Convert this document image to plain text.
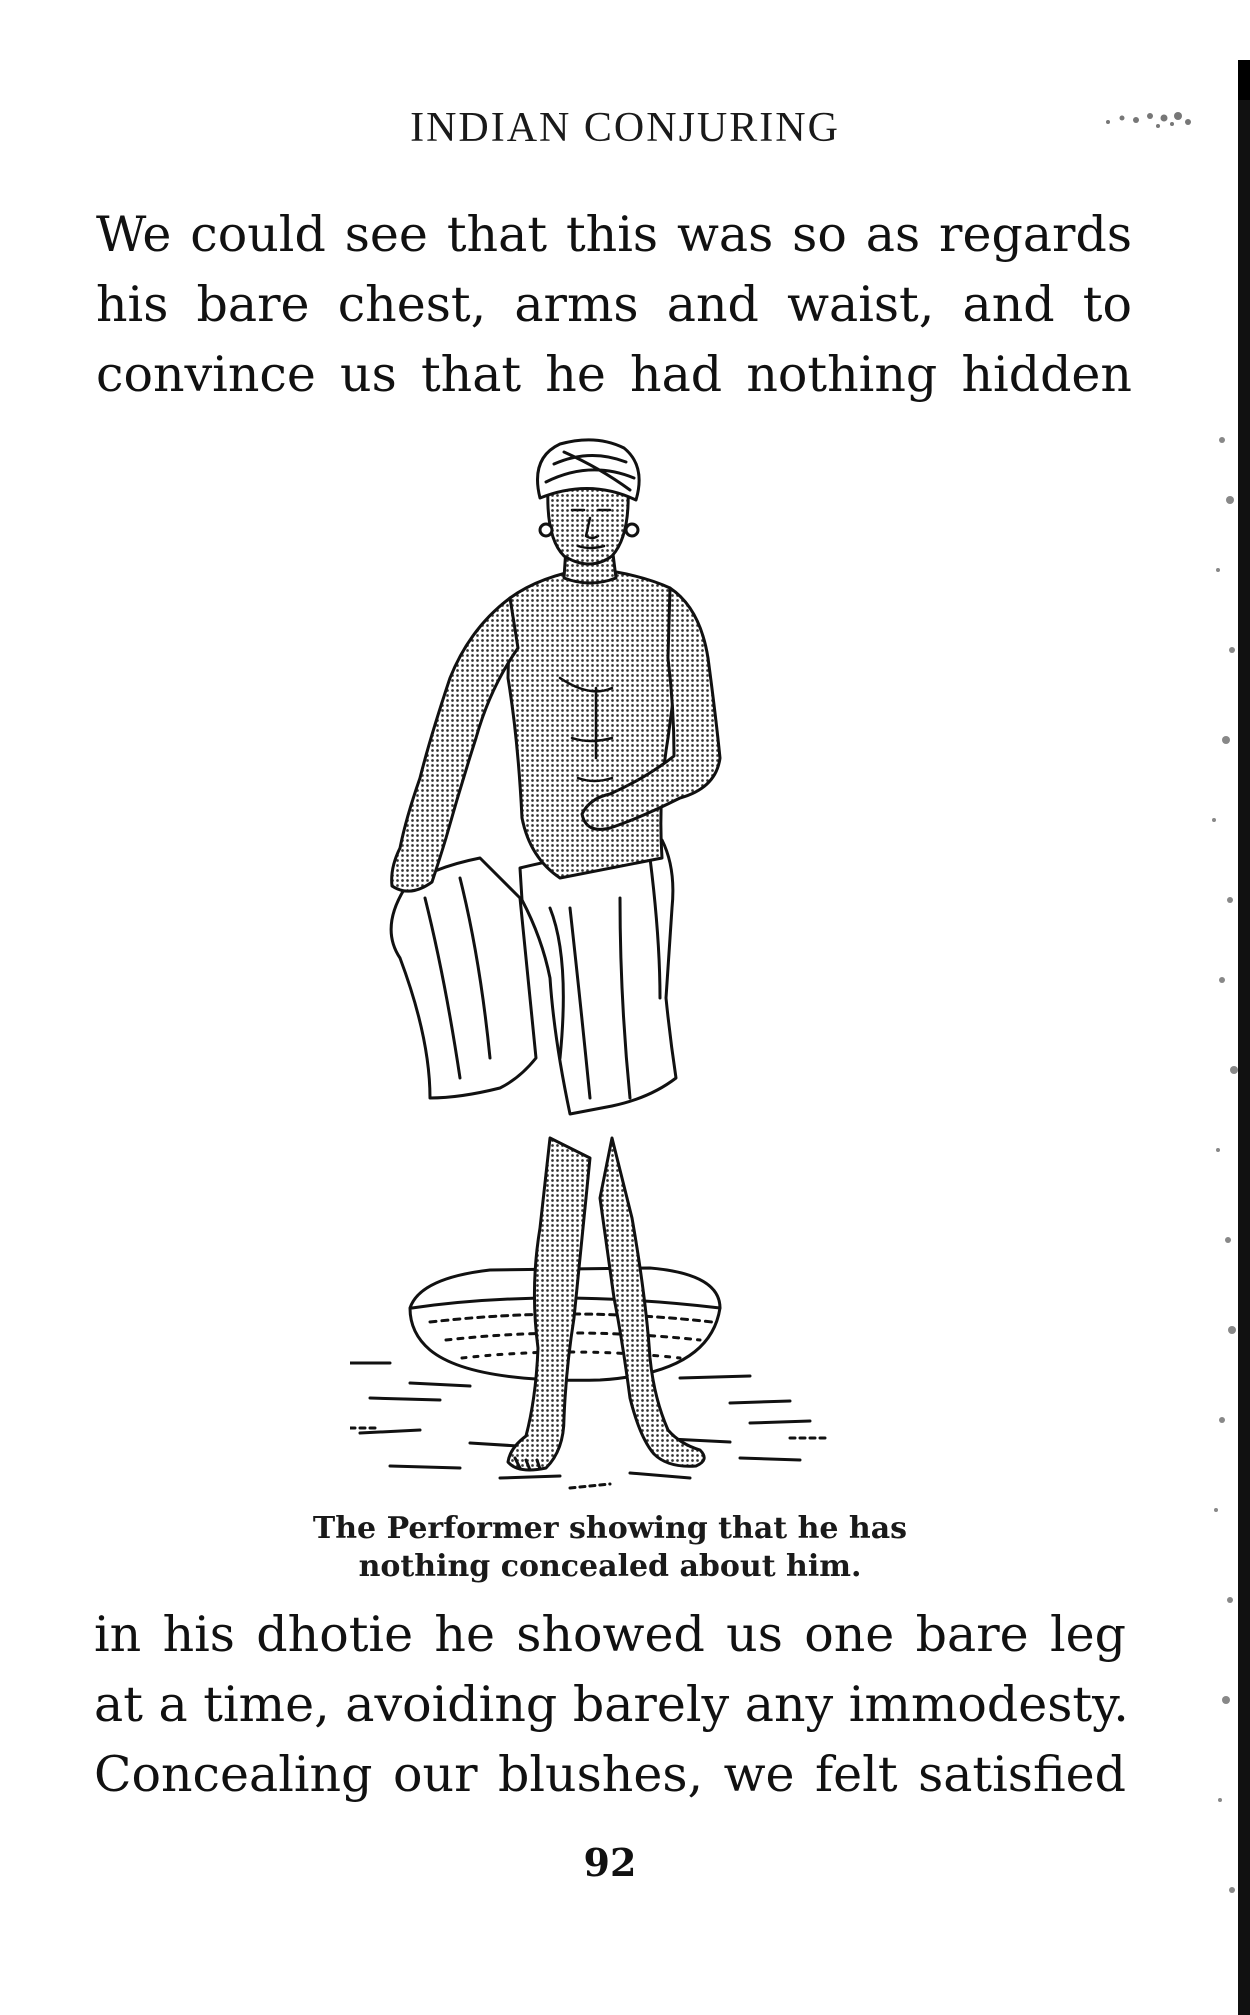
INDIAN CONJURING
We could see that this was so as regards
his bare chest, arms and waist, and to
convince us that he had nothing hidden
The Performer showing that he has
nothing concealed about him.
in his dhotie he showed us one bare leg
at a time, avoiding barely any immodesty.
Concealing our blushes, we felt satisfied
92
